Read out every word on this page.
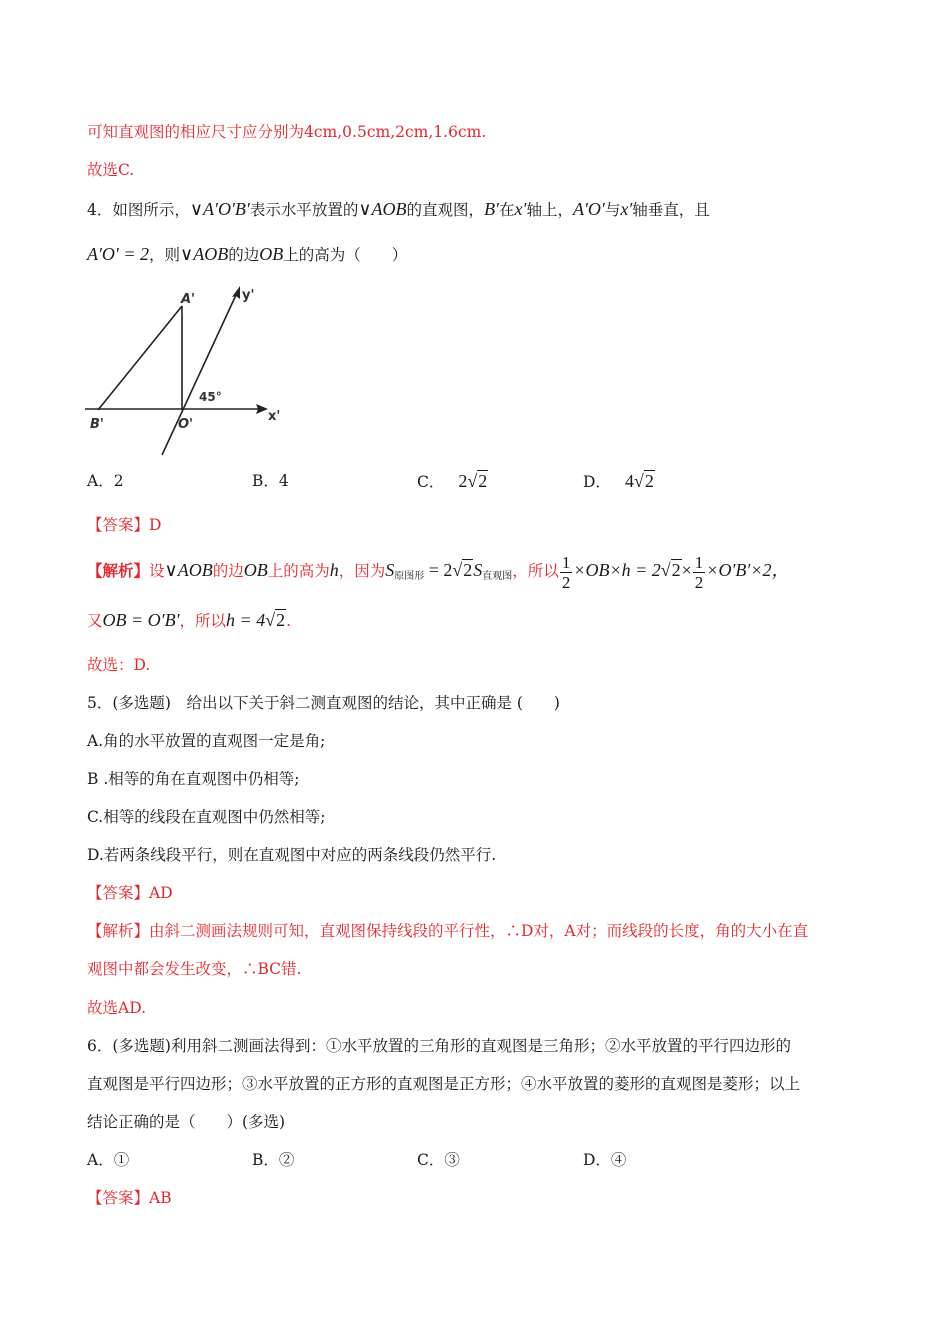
可知直观图的相应尺寸应分别为4cm,0.5cm,2cm,1.6cm.
故选C.
4．如图所示，∨A′O′B′表示水平放置的∨AOB的直观图，B′在x′轴上，A′O′与x′轴垂直，且
A′O′ = 2，则∨AOB的边OB上的高为（　　）
A'
B'	O'
x'
y'
45°
A．2	B．4	C． 2√2	D． 4√2
【答案】D
【解析】设∨AOB的边OB上的高为h，因为$S_{原图形} = 2√2S_{直观图}$，所以 $\frac{1}{2} \times OB\times h = 2√2\times \frac{1}{2} \times O'B'\times 2$，
又OB = O′B′，所以h = 4√2.
故选：D.
5．(多选题)　给出以下关于斜二测直观图的结论，其中正确是 (　　)
A.角的水平放置的直观图一定是角;
B .相等的角在直观图中仍相等;
C.相等的线段在直观图中仍然相等;
D.若两条线段平行，则在直观图中对应的两条线段仍然平行.
【答案】AD
【解析】由斜二测画法规则可知，直观图保持线段的平行性，∴D对，A对；而线段的长度，角的大小在直
观图中都会发生改变，∴BC错.
故选AD.
6．(多选题)利用斜二测画法得到：①水平放置的三角形的直观图是三角形；②水平放置的平行四边形的
直观图是平行四边形；③水平放置的正方形的直观图是正方形；④水平放置的菱形的直观图是菱形；以上
结论正确的是（　　）(多选)
A．①	B．②	C．③	D．④
【答案】AB
